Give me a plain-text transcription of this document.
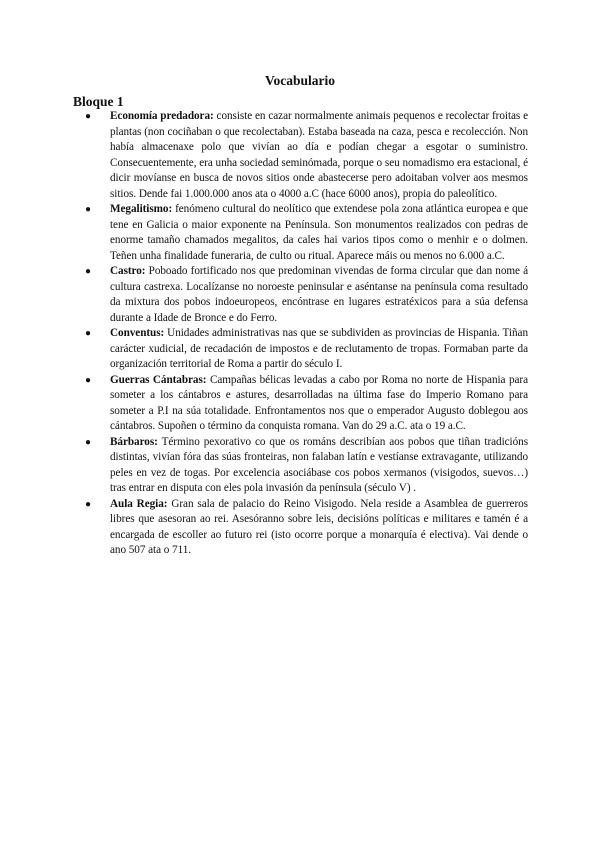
Vocabulario
Bloque 1
● Economía predadora: consiste en cazar normalmente animais pequenos e recolectar froitas e plantas (non cociñaban o que recolectaban). Estaba baseada na caza, pesca e recolección. Non había almacenaxe polo que vivían ao día e podían chegar a esgotar o suministro. Consecuentemente, era unha sociedad seminómada, porque o seu nomadismo era estacional, é dicir movíanse en busca de novos sitios onde abastecerse pero adoitaban volver aos mesmos sitios. Dende fai 1.000.000 anos ata o 4000 a.C (hace 6000 anos), propia do paleolítico.
● Megalitismo: fenómeno cultural do neolítico que extendese pola zona atlántica europea e que tene en Galicia o maior exponente na Península. Son monumentos realizados con pedras de enorme tamaño chamados megalitos, da cales hai varios tipos como o menhir e o dolmen. Teñen unha finalidade funeraria, de culto ou ritual. Aparece máis ou menos no 6.000 a.C.
● Castro: Poboado fortificado nos que predominan vivendas de forma circular que dan nome á cultura castrexa. Localízanse no noroeste peninsular e aséntanse na península coma resultado da mixtura dos pobos indoeuropeos, encóntrase en lugares estratéxicos para a súa defensa durante a Idade de Bronce e do Ferro.
● Conventus: Unidades administrativas nas que se subdividen as provincias de Hispania. Tiñan carácter xudicial, de recadación de impostos e de reclutamento de tropas. Formaban parte da organización territorial de Roma a partir do século I.
● Guerras Cántabras: Campañas bélicas levadas a cabo por Roma no norte de Hispania para someter a los cántabros e astures, desarrolladas na última fase do Imperio Romano para someter a P.I na súa totalidade. Enfrontamentos nos que o emperador Augusto doblegou aos cántabros. Supoñen o término da conquista romana. Van do 29 a.C. ata o 19 a.C.
● Bárbaros: Término pexorativo co que os románs describían aos pobos que tiñan tradicións distintas, vivían fóra das súas fronteiras, non falaban latín e vestíanse extravagante, utilizando peles en vez de togas. Por excelencia asociábase cos pobos xermanos (visigodos, suevos…) tras entrar en disputa con eles pola invasión da península (século V) .
● Aula Regia: Gran sala de palacio do Reino Visigodo. Nela reside a Asamblea de guerreros libres que asesoran ao rei. Asesóranno sobre leis, decisións políticas e militares e tamén é a encargada de escoller ao futuro rei (isto ocorre porque a monarquía é electiva). Vai dende o ano 507 ata o 711.
